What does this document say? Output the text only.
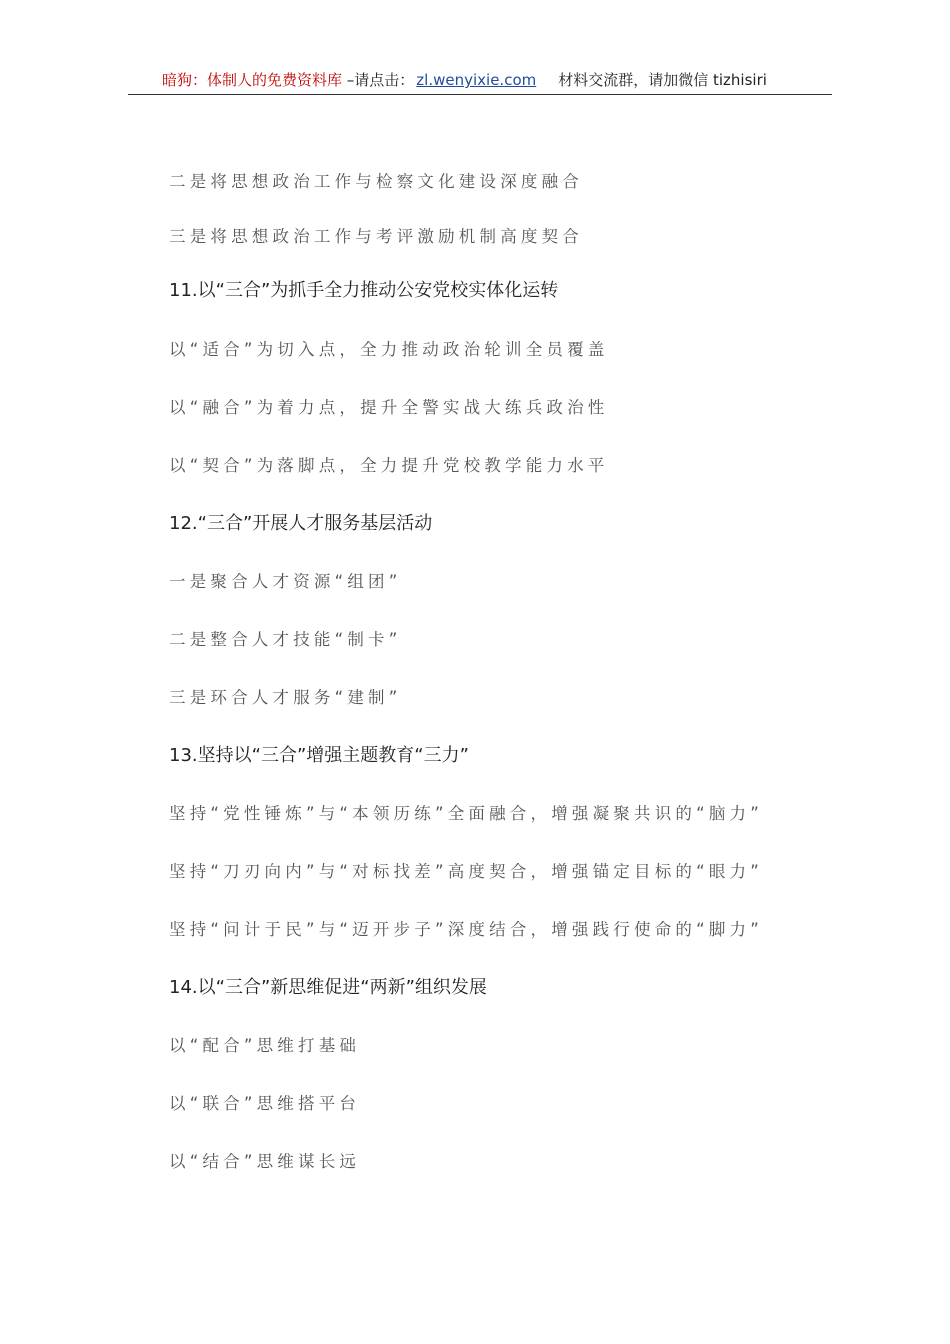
暗狗：体制人的免费资料库 –请点击： zl.wenyixie.com 材料交流群，请加微信 tizhisiri
二是将思想政治工作与检察文化建设深度融合
三是将思想政治工作与考评激励机制高度契合
11.以“三合”为抓手全力推动公安党校实体化运转
以“适合”为切入点，全力推动政治轮训全员覆盖
以“融合”为着力点，提升全警实战大练兵政治性
以“契合”为落脚点，全力提升党校教学能力水平
12.“三合”开展人才服务基层活动
一是聚合人才资源“组团”
二是整合人才技能“制卡”
三是环合人才服务“建制”
13.坚持以“三合”增强主题教育“三力”
坚持“党性锤炼”与“本领历练”全面融合，增强凝聚共识的“脑力”
坚持“刀刃向内”与“对标找差”高度契合，增强锚定目标的“眼力”
坚持“问计于民”与“迈开步子”深度结合，增强践行使命的“脚力”
14.以“三合”新思维促进“两新”组织发展
以“配合”思维打基础
以“联合”思维搭平台
以“结合”思维谋长远
